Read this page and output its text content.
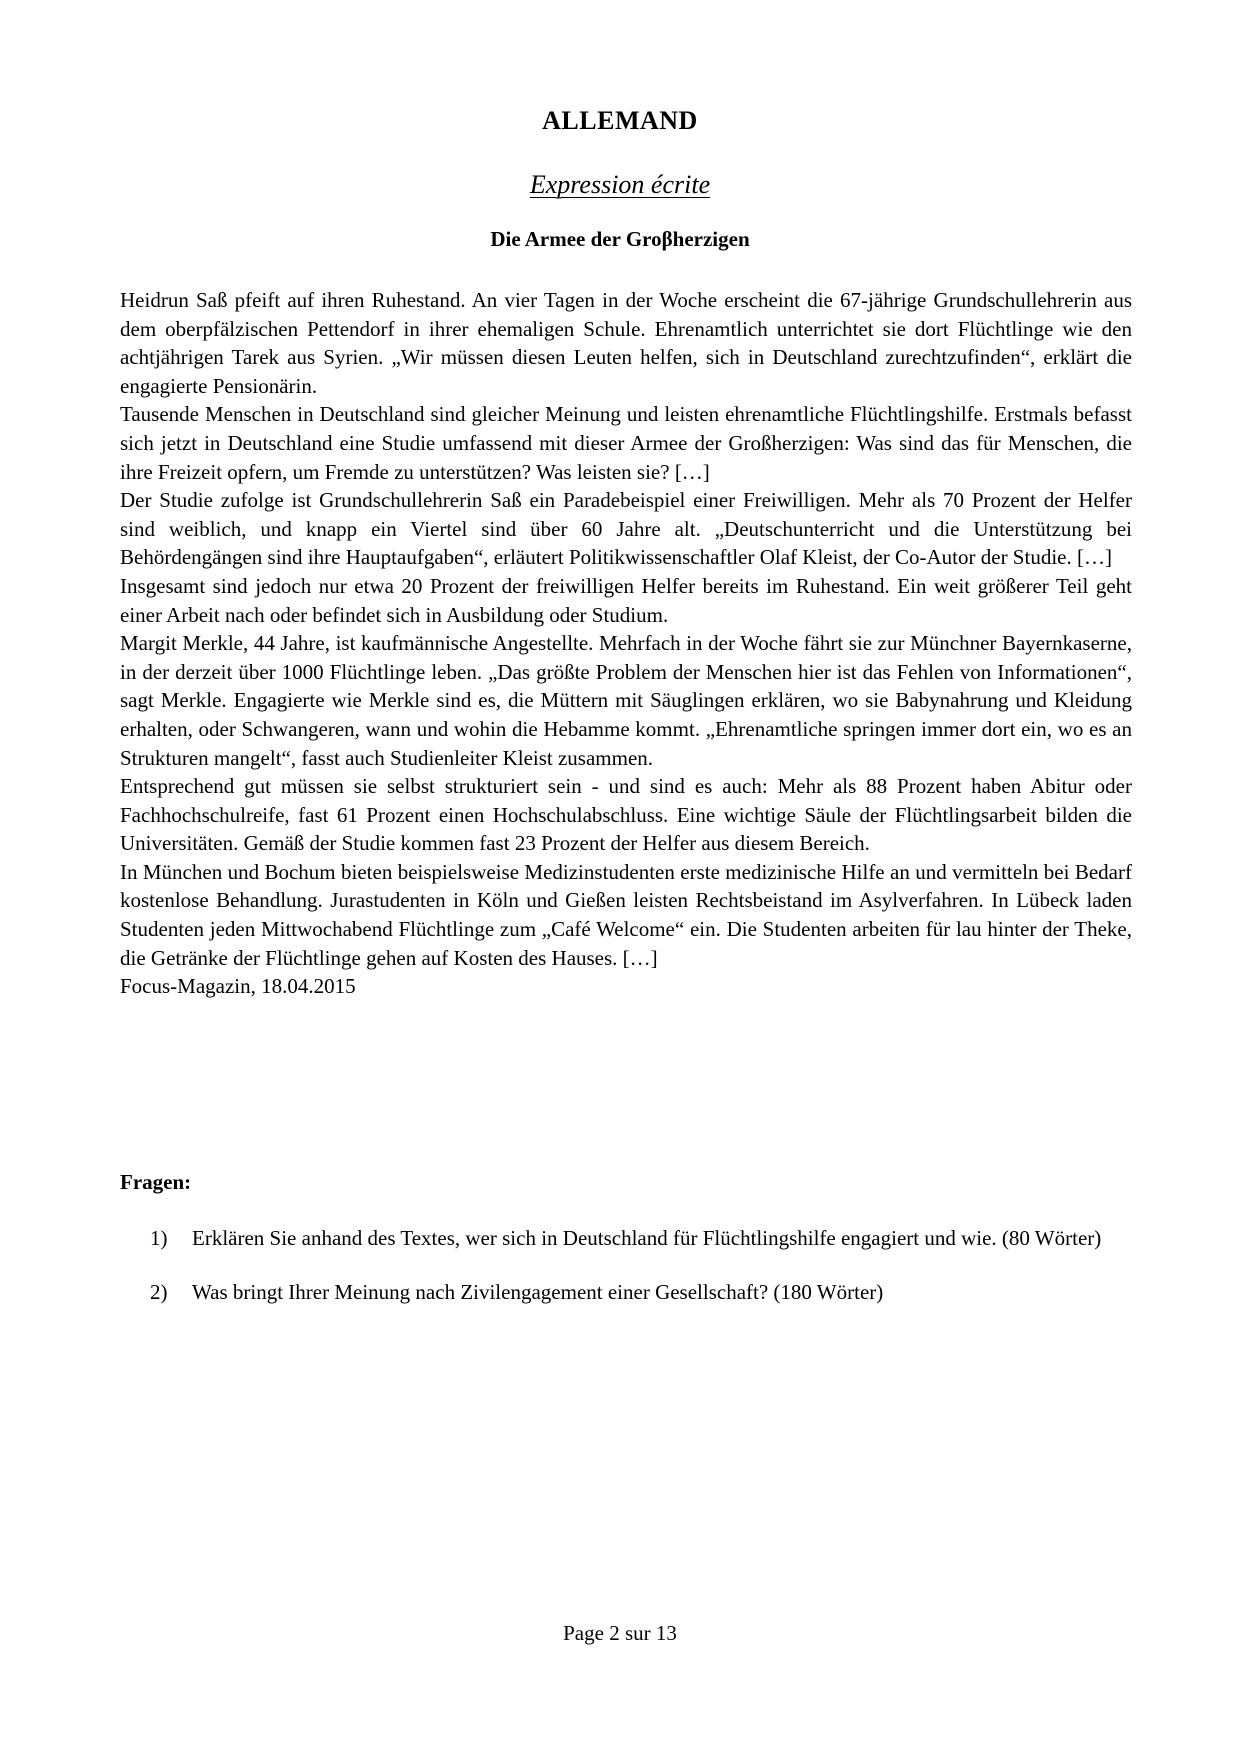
ALLEMAND
Expression écrite
Die Armee der Groβherzigen

Heidrun Saß pfeift auf ihren Ruhestand. An vier Tagen in der Woche erscheint die 67-jährige Grundschullehrerin aus dem oberpfälzischen Pettendorf in ihrer ehemaligen Schule. Ehrenamtlich unterrichtet sie dort Flüchtlinge wie den achtjährigen Tarek aus Syrien. „Wir müssen diesen Leuten helfen, sich in Deutschland zurechtzufinden“, erklärt die engagierte Pensionärin.

Tausende Menschen in Deutschland sind gleicher Meinung und leisten ehrenamtliche Flüchtlingshilfe. Erstmals befasst sich jetzt in Deutschland eine Studie umfassend mit dieser Armee der Großherzigen: Was sind das für Menschen, die ihre Freizeit opfern, um Fremde zu unterstützen? Was leisten sie? […]

Der Studie zufolge ist Grundschullehrerin Saß ein Paradebeispiel einer Freiwilligen. Mehr als 70 Prozent der Helfer sind weiblich, und knapp ein Viertel sind über 60 Jahre alt. „Deutschunterricht und die Unterstützung bei Behördengängen sind ihre Hauptaufgaben“, erläutert Politikwissenschaftler Olaf Kleist, der Co-Autor der Studie. […]

Insgesamt sind jedoch nur etwa 20 Prozent der freiwilligen Helfer bereits im Ruhestand. Ein weit größerer Teil geht einer Arbeit nach oder befindet sich in Ausbildung oder Studium.

Margit Merkle, 44 Jahre, ist kaufmännische Angestellte. Mehrfach in der Woche fährt sie zur Münchner Bayernkaserne, in der derzeit über 1000 Flüchtlinge leben. „Das größte Problem der Menschen hier ist das Fehlen von Informationen“, sagt Merkle. Engagierte wie Merkle sind es, die Müttern mit Säuglingen erklären, wo sie Babynahrung und Kleidung erhalten, oder Schwangeren, wann und wohin die Hebamme kommt. „Ehrenamtliche springen immer dort ein, wo es an Strukturen mangelt“, fasst auch Studienleiter Kleist zusammen.

Entsprechend gut müssen sie selbst strukturiert sein - und sind es auch: Mehr als 88 Prozent haben Abitur oder Fachhochschulreife, fast 61 Prozent einen Hochschulabschluss. Eine wichtige Säule der Flüchtlingsarbeit bilden die Universitäten. Gemäß der Studie kommen fast 23 Prozent der Helfer aus diesem Bereich.

In München und Bochum bieten beispielsweise Medizinstudenten erste medizinische Hilfe an und vermitteln bei Bedarf kostenlose Behandlung. Jurastudenten in Köln und Gießen leisten Rechtsbeistand im Asylverfahren. In Lübeck laden Studenten jeden Mittwochabend Flüchtlinge zum „Café Welcome“ ein. Die Studenten arbeiten für lau hinter der Theke, die Getränke der Flüchtlinge gehen auf Kosten des Hauses. […]

Focus-Magazin, 18.04.2015

Fragen:
1)	Erklären Sie anhand des Textes, wer sich in Deutschland für Flüchtlingshilfe engagiert und wie. (80 Wörter)
2)	Was bringt Ihrer Meinung nach Zivilengagement einer Gesellschaft? (180 Wörter)
Page 2 sur 13
